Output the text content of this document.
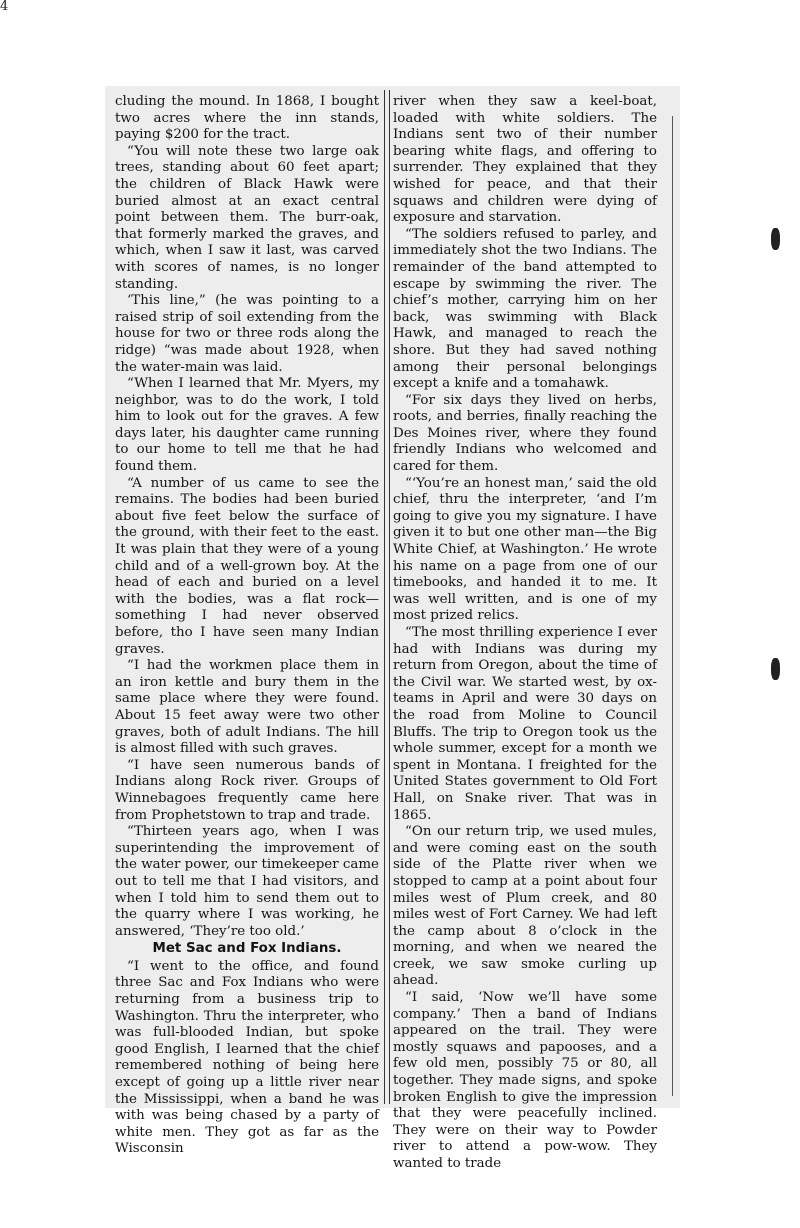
4

cluding the mound. In 1868, I bought two acres where the inn stands, paying $200 for the tract.

“You will note these two large oak trees, standing about 60 feet apart; the children of Black Hawk were buried almost at an exact central point between them. The burr-oak, that formerly marked the graves, and which, when I saw it last, was carved with scores of names, is no longer standing.

‘This line,” (he was pointing to a raised strip of soil extending from the house for two or three rods along the ridge) “was made about 1928, when the water-main was laid.

“When I learned that Mr. Myers, my neighbor, was to do the work, I told him to look out for the graves. A few days later, his daughter came running to our home to tell me that he had found them.

“A number of us came to see the remains. The bodies had been buried about five feet below the surface of the ground, with their feet to the east. It was plain that they were of a young child and of a well-grown boy. At the head of each and buried on a level with the bodies, was a flat rock—something I had never observed before, tho I have seen many Indian graves.

“I had the workmen place them in an iron kettle and bury them in the same place where they were found. About 15 feet away were two other graves, both of adult Indians. The hill is almost filled with such graves.

“I have seen numerous bands of Indians along Rock river. Groups of Winnebagoes frequently came here from Prophetstown to trap and trade.

“Thirteen years ago, when I was superintending the improvement of the water power, our timekeeper came out to tell me that I had visitors, and when I told him to send them out to the quarry where I was working, he answered, ‘They’re too old.’

Met Sac and Fox Indians.

“I went to the office, and found three Sac and Fox Indians who were returning from a business trip to Washington. Thru the interpreter, who was full-blooded Indian, but spoke good English, I learned that the chief remembered nothing of being here except of going up a little river near the Mississippi, when a band he was with was being chased by a party of white men. They got as far as the Wisconsin

river when they saw a keel-boat, loaded with white soldiers. The Indians sent two of their number bearing white flags, and offering to surrender. They explained that they wished for peace, and that their squaws and children were dying of exposure and starvation.

“The soldiers refused to parley, and immediately shot the two Indians. The remainder of the band attempted to escape by swimming the river. The chief’s mother, carrying him on her back, was swimming with Black Hawk, and managed to reach the shore. But they had saved nothing among their personal belongings except a knife and a tomahawk.

“For six days they lived on herbs, roots, and berries, finally reaching the Des Moines river, where they found friendly Indians who welcomed and cared for them.

“‘You’re an honest man,’ said the old chief, thru the interpreter, ‘and I’m going to give you my signature. I have given it to but one other man—the Big White Chief, at Washington.’ He wrote his name on a page from one of our timebooks, and handed it to me. It was well written, and is one of my most prized relics.

“The most thrilling experience I ever had with Indians was during my return from Oregon, about the time of the Civil war. We started west, by ox-teams in April and were 30 days on the road from Moline to Council Bluffs. The trip to Oregon took us the whole summer, except for a month we spent in Montana. I freighted for the United States government to Old Fort Hall, on Snake river. That was in 1865.

“On our return trip, we used mules, and were coming east on the south side of the Platte river when we stopped to camp at a point about four miles west of Plum creek, and 80 miles west of Fort Carney. We had left the camp about 8 o’clock in the morning, and when we neared the creek, we saw smoke curling up ahead.

“I said, ‘Now we’ll have some company.’ Then a band of Indians appeared on the trail. They were mostly squaws and papooses, and a few old men, possibly 75 or 80, all together. They made signs, and spoke broken English to give the impression that they were peacefully inclined. They were on their way to Powder river to attend a pow-wow. They wanted to trade
